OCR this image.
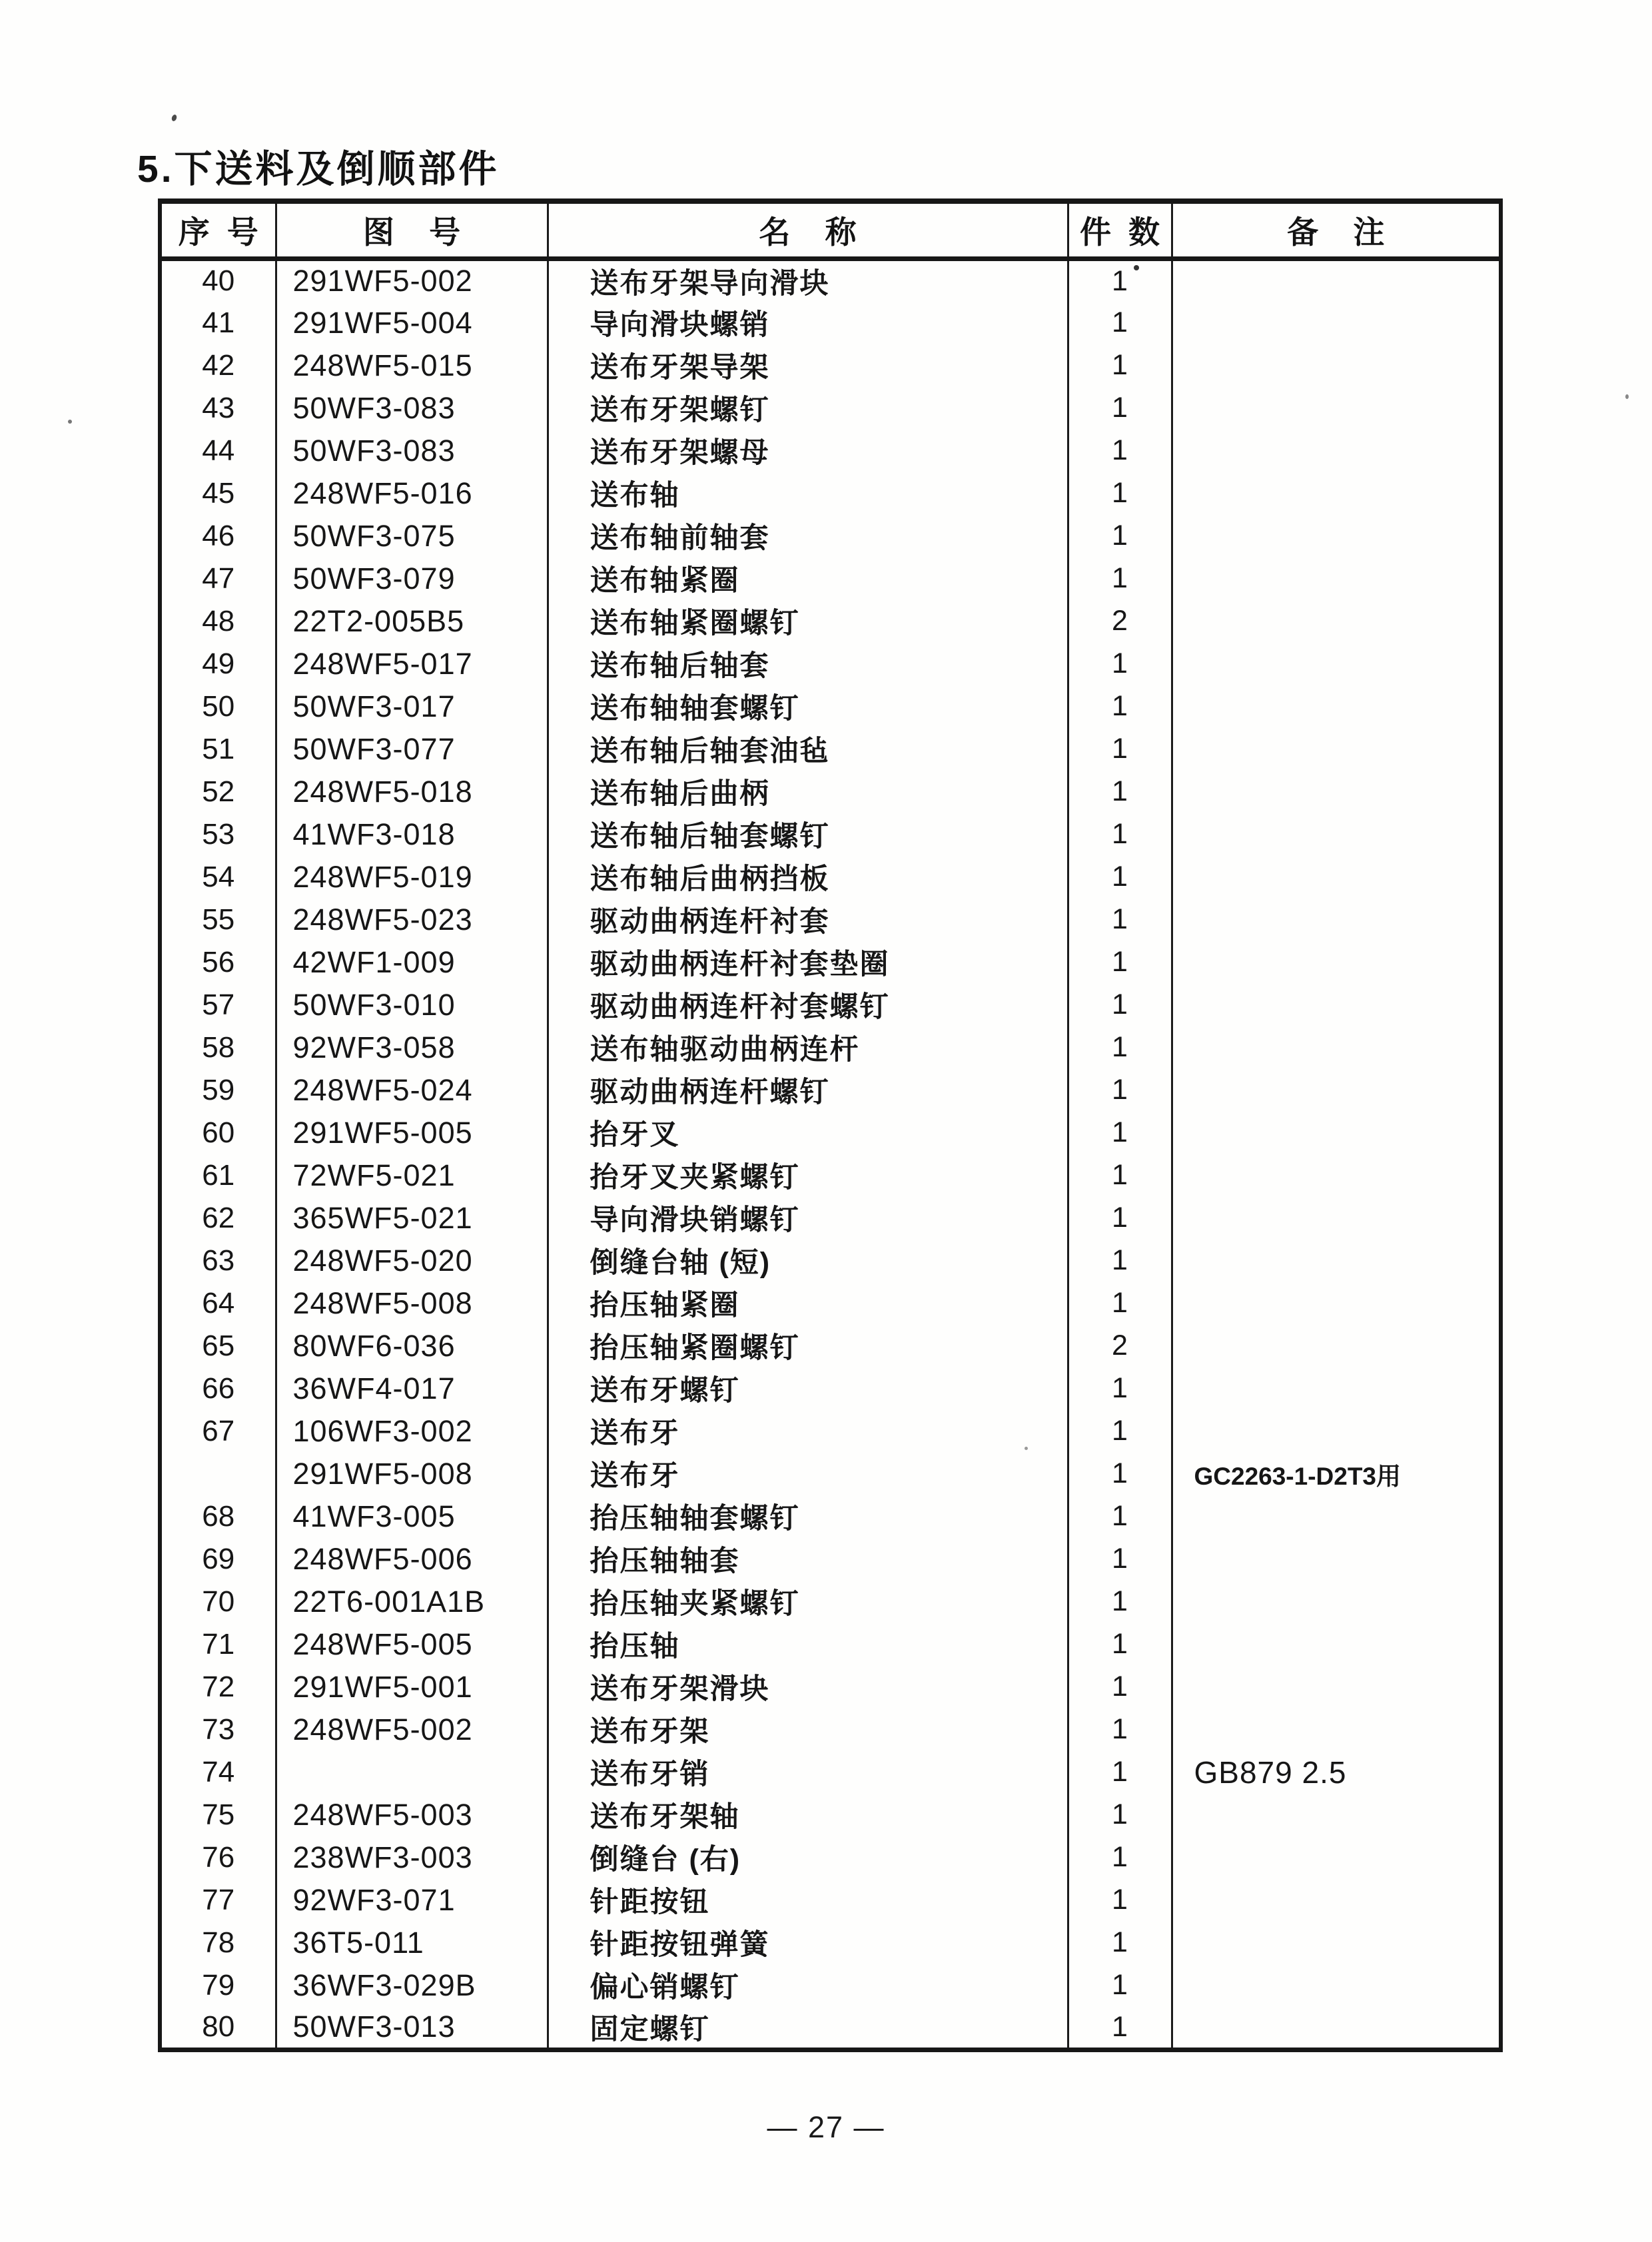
5.下送料及倒顺部件
序  号	图    号	名    称	件  数	备    注
40	291WF5-002	送布牙架导向滑块	1	
41	291WF5-004	导向滑块螺销	1	
42	248WF5-015	送布牙架导架	1	
43	50WF3-083	送布牙架螺钉	1	
44	50WF3-083	送布牙架螺母	1	
45	248WF5-016	送布轴	1	
46	50WF3-075	送布轴前轴套	1	
47	50WF3-079	送布轴紧圈	1	
48	22T2-005B5	送布轴紧圈螺钉	2	
49	248WF5-017	送布轴后轴套	1	
50	50WF3-017	送布轴轴套螺钉	1	
51	50WF3-077	送布轴后轴套油毡	1	
52	248WF5-018	送布轴后曲柄	1	
53	41WF3-018	送布轴后轴套螺钉	1	
54	248WF5-019	送布轴后曲柄挡板	1	
55	248WF5-023	驱动曲柄连杆衬套	1	
56	42WF1-009	驱动曲柄连杆衬套垫圈	1	
57	50WF3-010	驱动曲柄连杆衬套螺钉	1	
58	92WF3-058	送布轴驱动曲柄连杆	1	
59	248WF5-024	驱动曲柄连杆螺钉	1	
60	291WF5-005	抬牙叉	1	
61	72WF5-021	抬牙叉夹紧螺钉	1	
62	365WF5-021	导向滑块销螺钉	1	
63	248WF5-020	倒缝台轴 (短)	1	
64	248WF5-008	抬压轴紧圈	1	
65	80WF6-036	抬压轴紧圈螺钉	2	
66	36WF4-017	送布牙螺钉	1	
67	106WF3-002	送布牙	1	
	291WF5-008	送布牙	1	GC2263-1-D2T3用
68	41WF3-005	抬压轴轴套螺钉	1	
69	248WF5-006	抬压轴轴套	1	
70	22T6-001A1B	抬压轴夹紧螺钉	1	
71	248WF5-005	抬压轴	1	
72	291WF5-001	送布牙架滑块	1	
73	248WF5-002	送布牙架	1	
74		送布牙销	1	GB879 2.5
75	248WF5-003	送布牙架轴	1	
76	238WF3-003	倒缝台 (右)	1	
77	92WF3-071	针距按钮	1	
78	36T5-011	针距按钮弹簧	1	
79	36WF3-029B	偏心销螺钉	1	
80	50WF3-013	固定螺钉	1	
— 27 —
